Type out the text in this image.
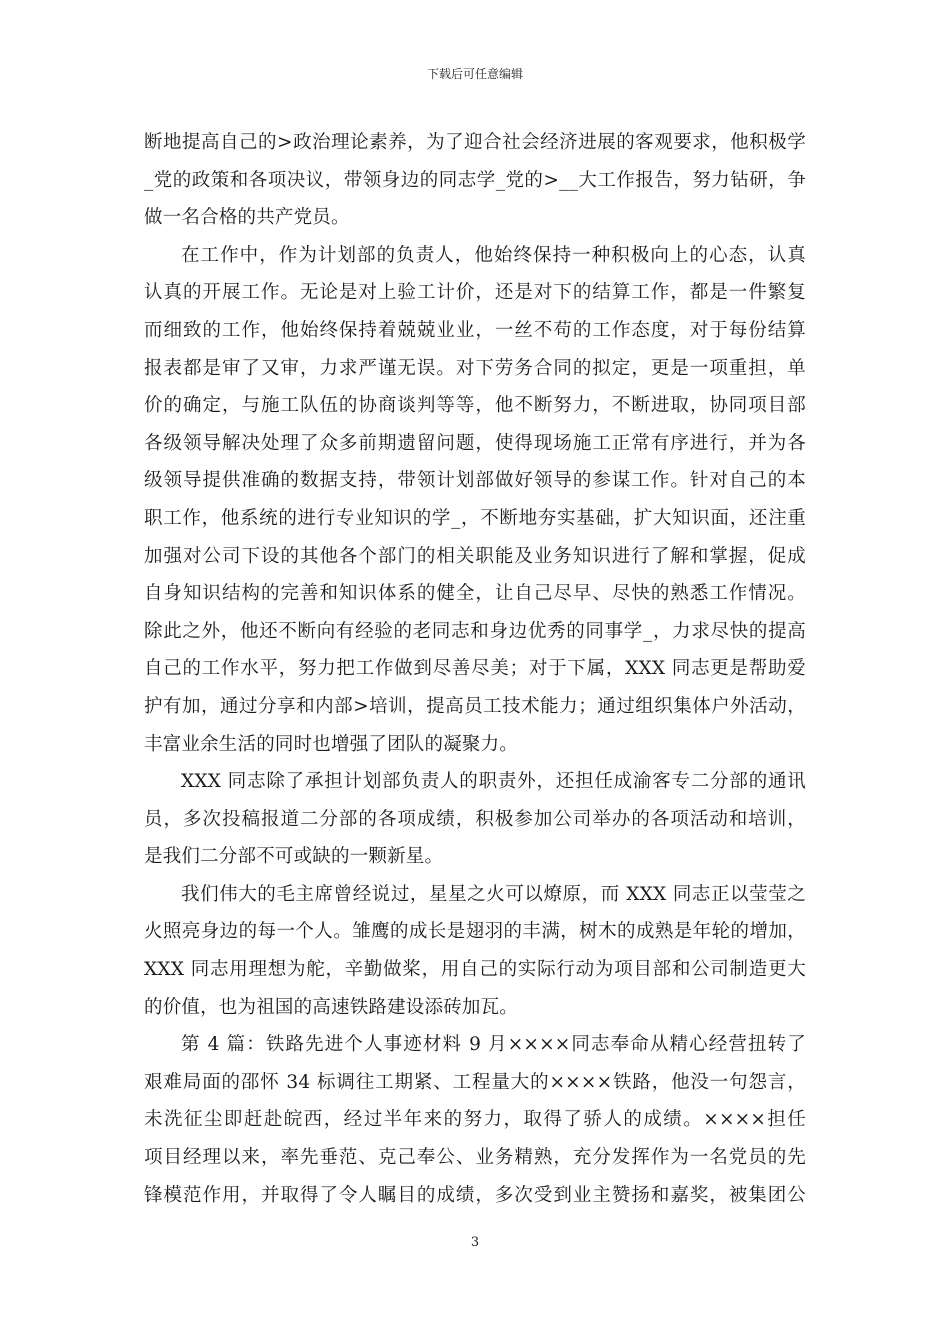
下载后可任意编辑
断地提高自己的>政治理论素养，为了迎合社会经济进展的客观要求，他积极学
_党的政策和各项决议，带领身边的同志学_党的>__大工作报告，努力钻研，争
做一名合格的共产党员。
在工作中，作为计划部的负责人，他始终保持一种积极向上的心态，认真
认真的开展工作。无论是对上验工计价，还是对下的结算工作，都是一件繁复
而细致的工作，他始终保持着兢兢业业，一丝不苟的工作态度，对于每份结算
报表都是审了又审，力求严谨无误。对下劳务合同的拟定，更是一项重担，单
价的确定，与施工队伍的协商谈判等等，他不断努力，不断进取，协同项目部
各级领导解决处理了众多前期遗留问题，使得现场施工正常有序进行，并为各
级领导提供准确的数据支持，带领计划部做好领导的参谋工作。针对自己的本
职工作，他系统的进行专业知识的学_，不断地夯实基础，扩大知识面，还注重
加强对公司下设的其他各个部门的相关职能及业务知识进行了解和掌握，促成
自身知识结构的完善和知识体系的健全，让自己尽早、尽快的熟悉工作情况。
除此之外，他还不断向有经验的老同志和身边优秀的同事学_，力求尽快的提高
自己的工作水平，努力把工作做到尽善尽美；对于下属，XXX 同志更是帮助爱
护有加，通过分享和内部>培训，提高员工技术能力；通过组织集体户外活动，
丰富业余生活的同时也增强了团队的凝聚力。
XXX 同志除了承担计划部负责人的职责外，还担任成渝客专二分部的通讯
员，多次投稿报道二分部的各项成绩，积极参加公司举办的各项活动和培训，
是我们二分部不可或缺的一颗新星。
我们伟大的毛主席曾经说过，星星之火可以燎原，而 XXX 同志正以莹莹之
火照亮身边的每一个人。雏鹰的成长是翅羽的丰满，树木的成熟是年轮的增加，
XXX 同志用理想为舵，辛勤做桨，用自己的实际行动为项目部和公司制造更大
的价值，也为祖国的高速铁路建设添砖加瓦。
第 4 篇：铁路先进个人事迹材料 9 月××××同志奉命从精心经营扭转了
艰难局面的邵怀 34 标调往工期紧、工程量大的××××铁路，他没一句怨言，
未洗征尘即赶赴皖西，经过半年来的努力，取得了骄人的成绩。××××担任
项目经理以来，率先垂范、克己奉公、业务精熟，充分发挥作为一名党员的先
锋模范作用，并取得了令人瞩目的成绩，多次受到业主赞扬和嘉奖，被集团公
3
